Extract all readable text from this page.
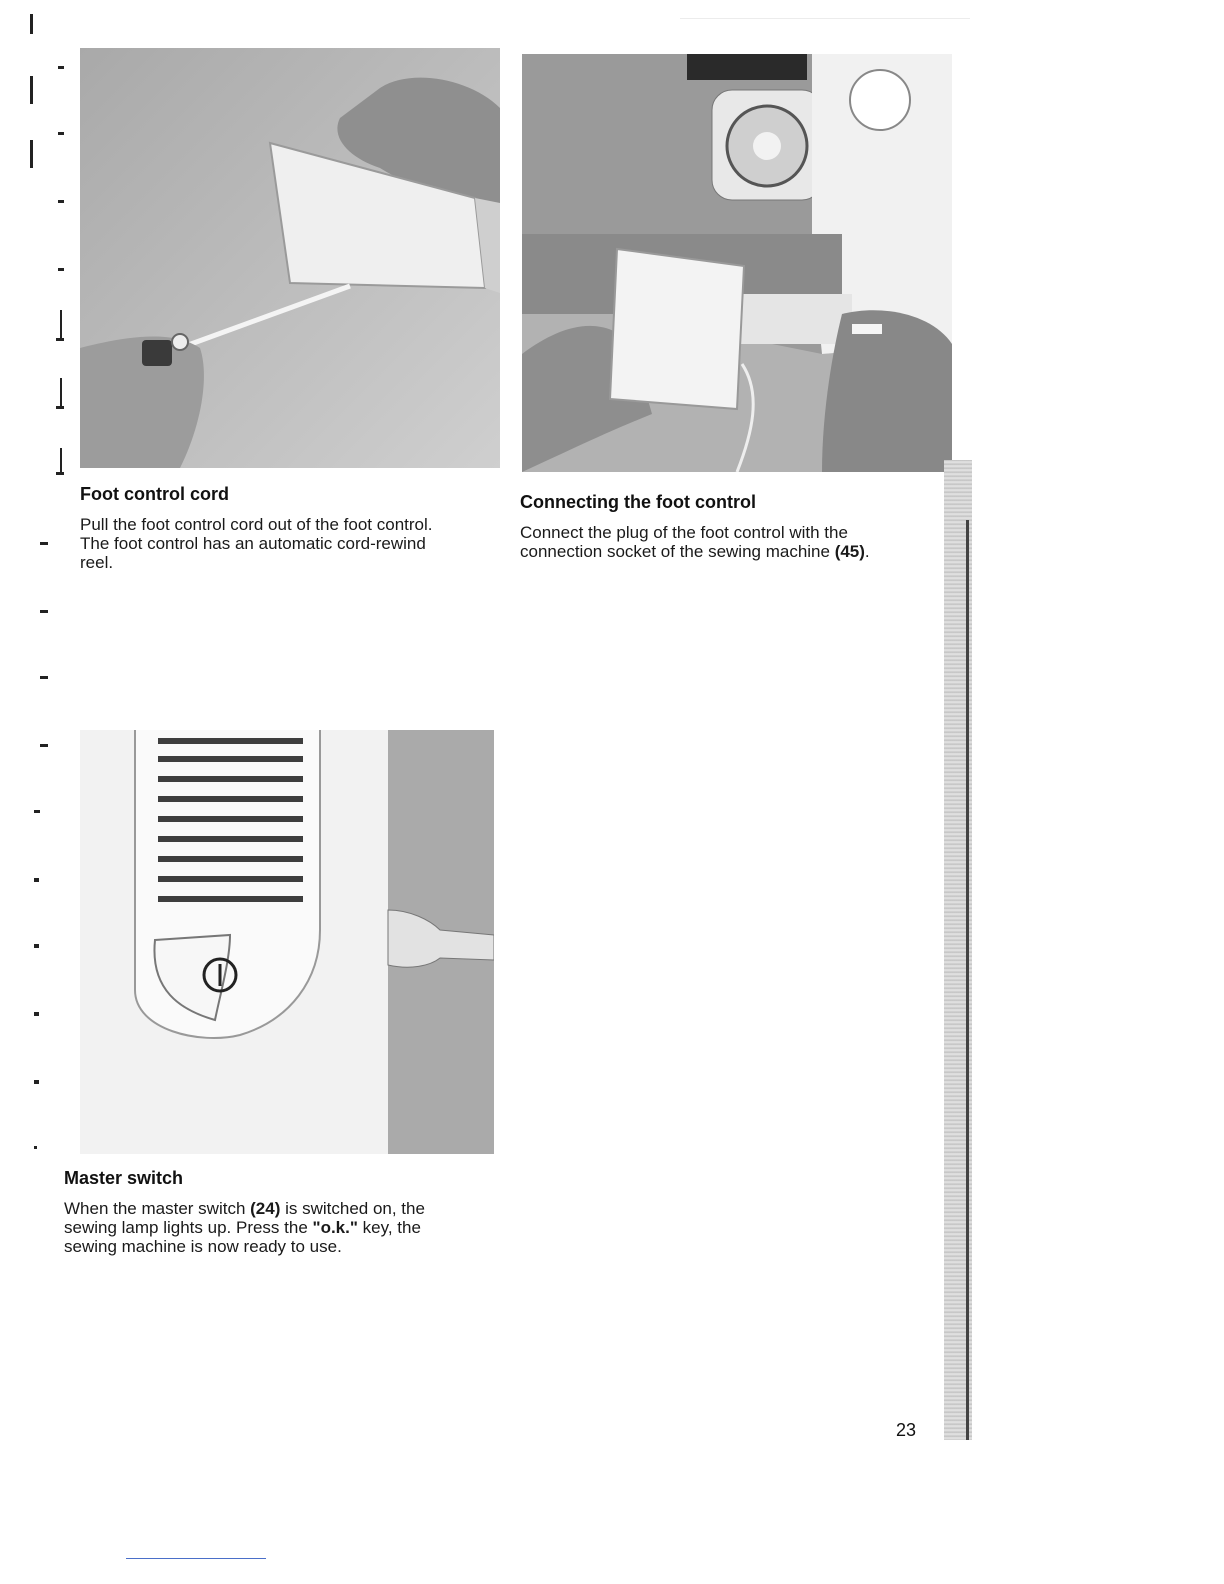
Foot control cord

Pull the foot control cord out of the foot control.
The foot control has an automatic cord-rewind
reel.

Connecting the foot control

Connect the plug of the foot control with the
connection socket of the sewing machine (45).

Master switch

When the master switch (24) is switched on, the
sewing lamp lights up. Press the "o.k." key, the
sewing machine is now ready to use.

23
